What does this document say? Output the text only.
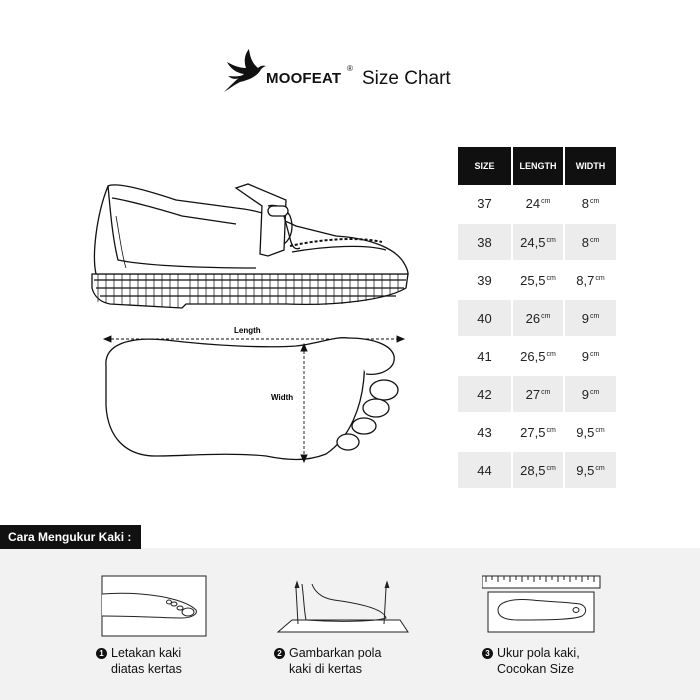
MOOFEAT
® Size Chart
Length
Width
SIZE	LENGTH	WIDTH
37	$24^{cm}$	$8^{cm}$
38	$24,5^{cm}$	$8^{cm}$
39	$25,5^{cm}$	$8,7^{cm}$
40	$26^{cm}$	$9^{cm}$
41	$26,5^{cm}$	$9^{cm}$
42	$27^{cm}$	$9^{cm}$
43	$27,5^{cm}$	$9,5^{cm}$
44	$28,5^{cm}$	$9,5^{cm}$
Cara Mengukur Kaki :
1 Letakan kaki
diatas kertas
2 Gambarkan pola
kaki di kertas
3 Ukur pola kaki,
Cocokan Size
